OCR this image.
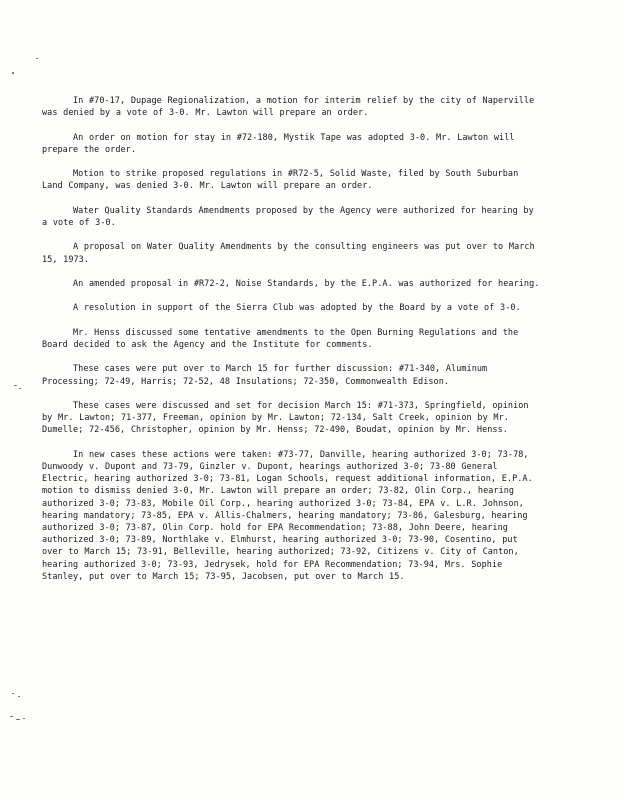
In #70-17, Dupage Regionalization, a motion for interim relief by the city of Naperville was denied by a vote of 3-0. Mr. Lawton will prepare an order.

An order on motion for stay in #72-180, Mystik Tape was adopted 3-0. Mr. Lawton will prepare the order.

Motion to strike proposed regulations in #R72-5, Solid Waste, filed by South Suburban Land Company, was denied 3-0. Mr. Lawton will prepare an order.

Water Quality Standards Amendments proposed by the Agency were authorized for hearing by a vote of 3-0.

A proposal on Water Quality Amendments by the consulting engineers was put over to March 15, 1973.

An amended proposal in #R72-2, Noise Standards, by the E.P.A. was authorized for hearing.

A resolution in support of the Sierra Club was adopted by the Board by a vote of 3-0.

Mr. Henss discussed some tentative amendments to the Open Burning Regulations and the Board decided to ask the Agency and the Institute for comments.

These cases were put over to March 15 for further discussion: #71-340, Aluminum Processing; 72-49, Harris; 72-52, 48 Insulations; 72-350, Commonwealth Edison.

These cases were discussed and set for decision March 15: #71-373, Springfield, opinion by Mr. Lawton; 71-377, Freeman, opinion by Mr. Lawton; 72-134, Salt Creek, opinion by Mr. Dumelle; 72-456, Christopher, opinion by Mr. Henss; 72-490, Boudat, opinion by Mr. Henss.

In new cases these actions were taken: #73-77, Danville, hearing authorized 3-0; 73-78, Dunwoody v. Dupont and 73-79, Ginzler v. Dupont, hearings authorized 3-0; 73-80 General Electric, hearing authorized 3-0; 73-81, Logan Schools, request additional information, E.P.A. motion to dismiss denied 3-0, Mr. Lawton will prepare an order; 73-82, Olin Corp., hearing authorized 3-0; 73-83, Mobile Oil Corp., hearing authorized 3-0; 73-84, EPA v. L.R. Johnson, hearing mandatory; 73-85, EPA v. Allis-Chalmers, hearing mandatory; 73-86, Galesburg, hearing authorized 3-0; 73-87, Olin Corp. hold for EPA Recommendation; 73-88, John Deere, hearing authorized 3-0; 73-89, Northlake v. Elmhurst, hearing authorized 3-0; 73-90, Cosentino, put over to March 15; 73-91, Belleville, hearing authorized; 73-92, Citizens v. City of Canton, hearing authorized 3-0; 73-93, Jedrysek, hold for EPA Recommendation; 73-94, Mrs. Sophie Stanley, put over to March 15; 73-95, Jacobsen, put over to March 15.
